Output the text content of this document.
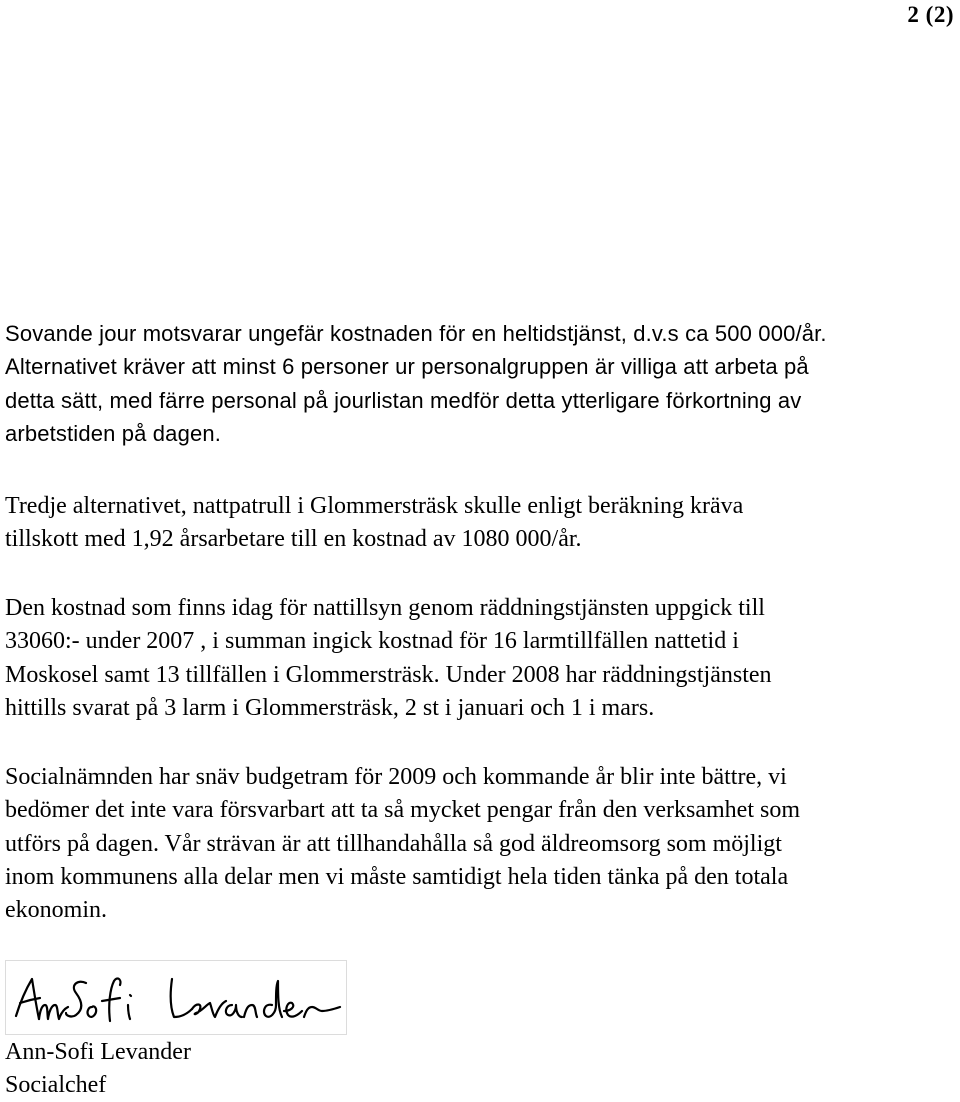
2 (2)

Sovande jour motsvarar ungefär kostnaden för en heltidstjänst, d.v.s ca 500 000/år.
Alternativet kräver att minst 6 personer ur personalgruppen är villiga att arbeta på
detta sätt, med färre personal på jourlistan medför detta ytterligare förkortning av
arbetstiden på dagen.

Tredje alternativet, nattpatrull i Glommersträsk skulle enligt beräkning kräva
tillskott med 1,92 årsarbetare till en kostnad av 1080 000/år.

Den kostnad som finns idag för nattillsyn genom räddningstjänsten uppgick till
33060:- under 2007 , i summan ingick kostnad för 16 larmtillfällen nattetid i
Moskosel samt 13 tillfällen i Glommersträsk. Under 2008 har räddningstjänsten
hittills svarat på 3 larm i Glommersträsk, 2 st i januari och 1 i mars.

Socialnämnden har snäv budgetram för 2009 och kommande år blir inte bättre, vi
bedömer det inte vara försvarbart att ta så mycket pengar från den verksamhet som
utförs på dagen. Vår strävan är att tillhandahålla så god äldreomsorg som möjligt
inom kommunens alla delar men vi måste samtidigt hela tiden tänka på den totala
ekonomin.

Ann-Sofi Levander
Socialchef
